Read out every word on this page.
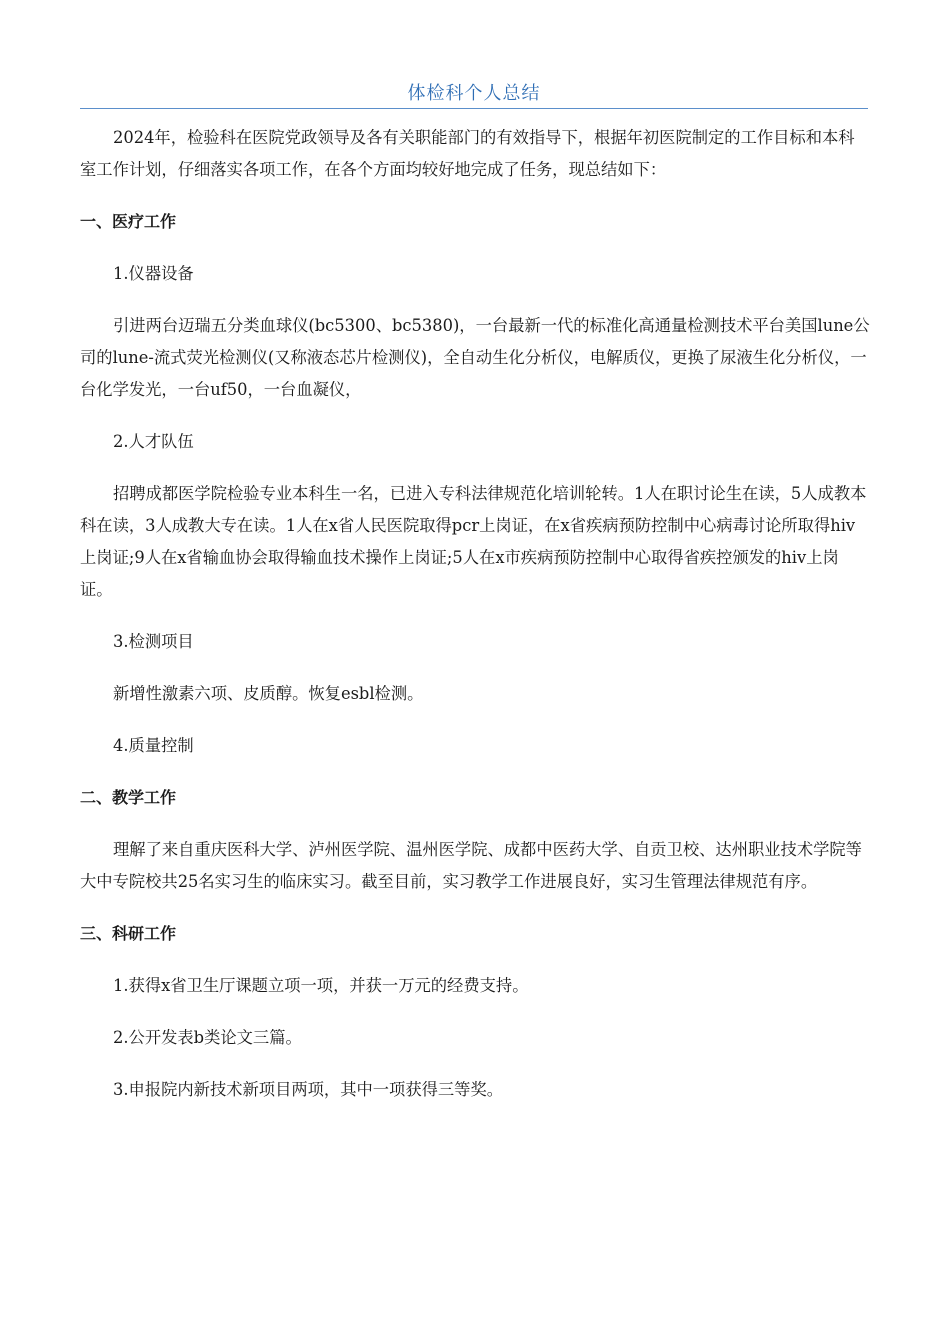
体检科个人总结

2024年，检验科在医院党政领导及各有关职能部门的有效指导下，根据年初医院制定的工作目标和本科室工作计划，仔细落实各项工作，在各个方面均较好地完成了任务，现总结如下：

一、医疗工作

1.仪器设备

引进两台迈瑞五分类血球仪(bc5300、bc5380)，一台最新一代的标准化高通量检测技术平台美国lune公司的lune-流式荧光检测仪(又称液态芯片检测仪)，全自动生化分析仪，电解质仪，更换了尿液生化分析仪，一台化学发光，一台uf50，一台血凝仪，

2.人才队伍

招聘成都医学院检验专业本科生一名，已进入专科法律规范化培训轮转。1人在职讨论生在读，5人成教本科在读，3人成教大专在读。1人在x省人民医院取得pcr上岗证，在x省疾病预防控制中心病毒讨论所取得hiv上岗证;9人在x省输血协会取得输血技术操作上岗证;5人在x市疾病预防控制中心取得省疾控颁发的hiv上岗证。

3.检测项目

新增性激素六项、皮质醇。恢复esbl检测。

4.质量控制

二、教学工作

理解了来自重庆医科大学、泸州医学院、温州医学院、成都中医药大学、自贡卫校、达州职业技术学院等大中专院校共25名实习生的临床实习。截至目前，实习教学工作进展良好，实习生管理法律规范有序。

三、科研工作

1.获得x省卫生厅课题立项一项，并获一万元的经费支持。

2.公开发表b类论文三篇。

3.申报院内新技术新项目两项，其中一项获得三等奖。
